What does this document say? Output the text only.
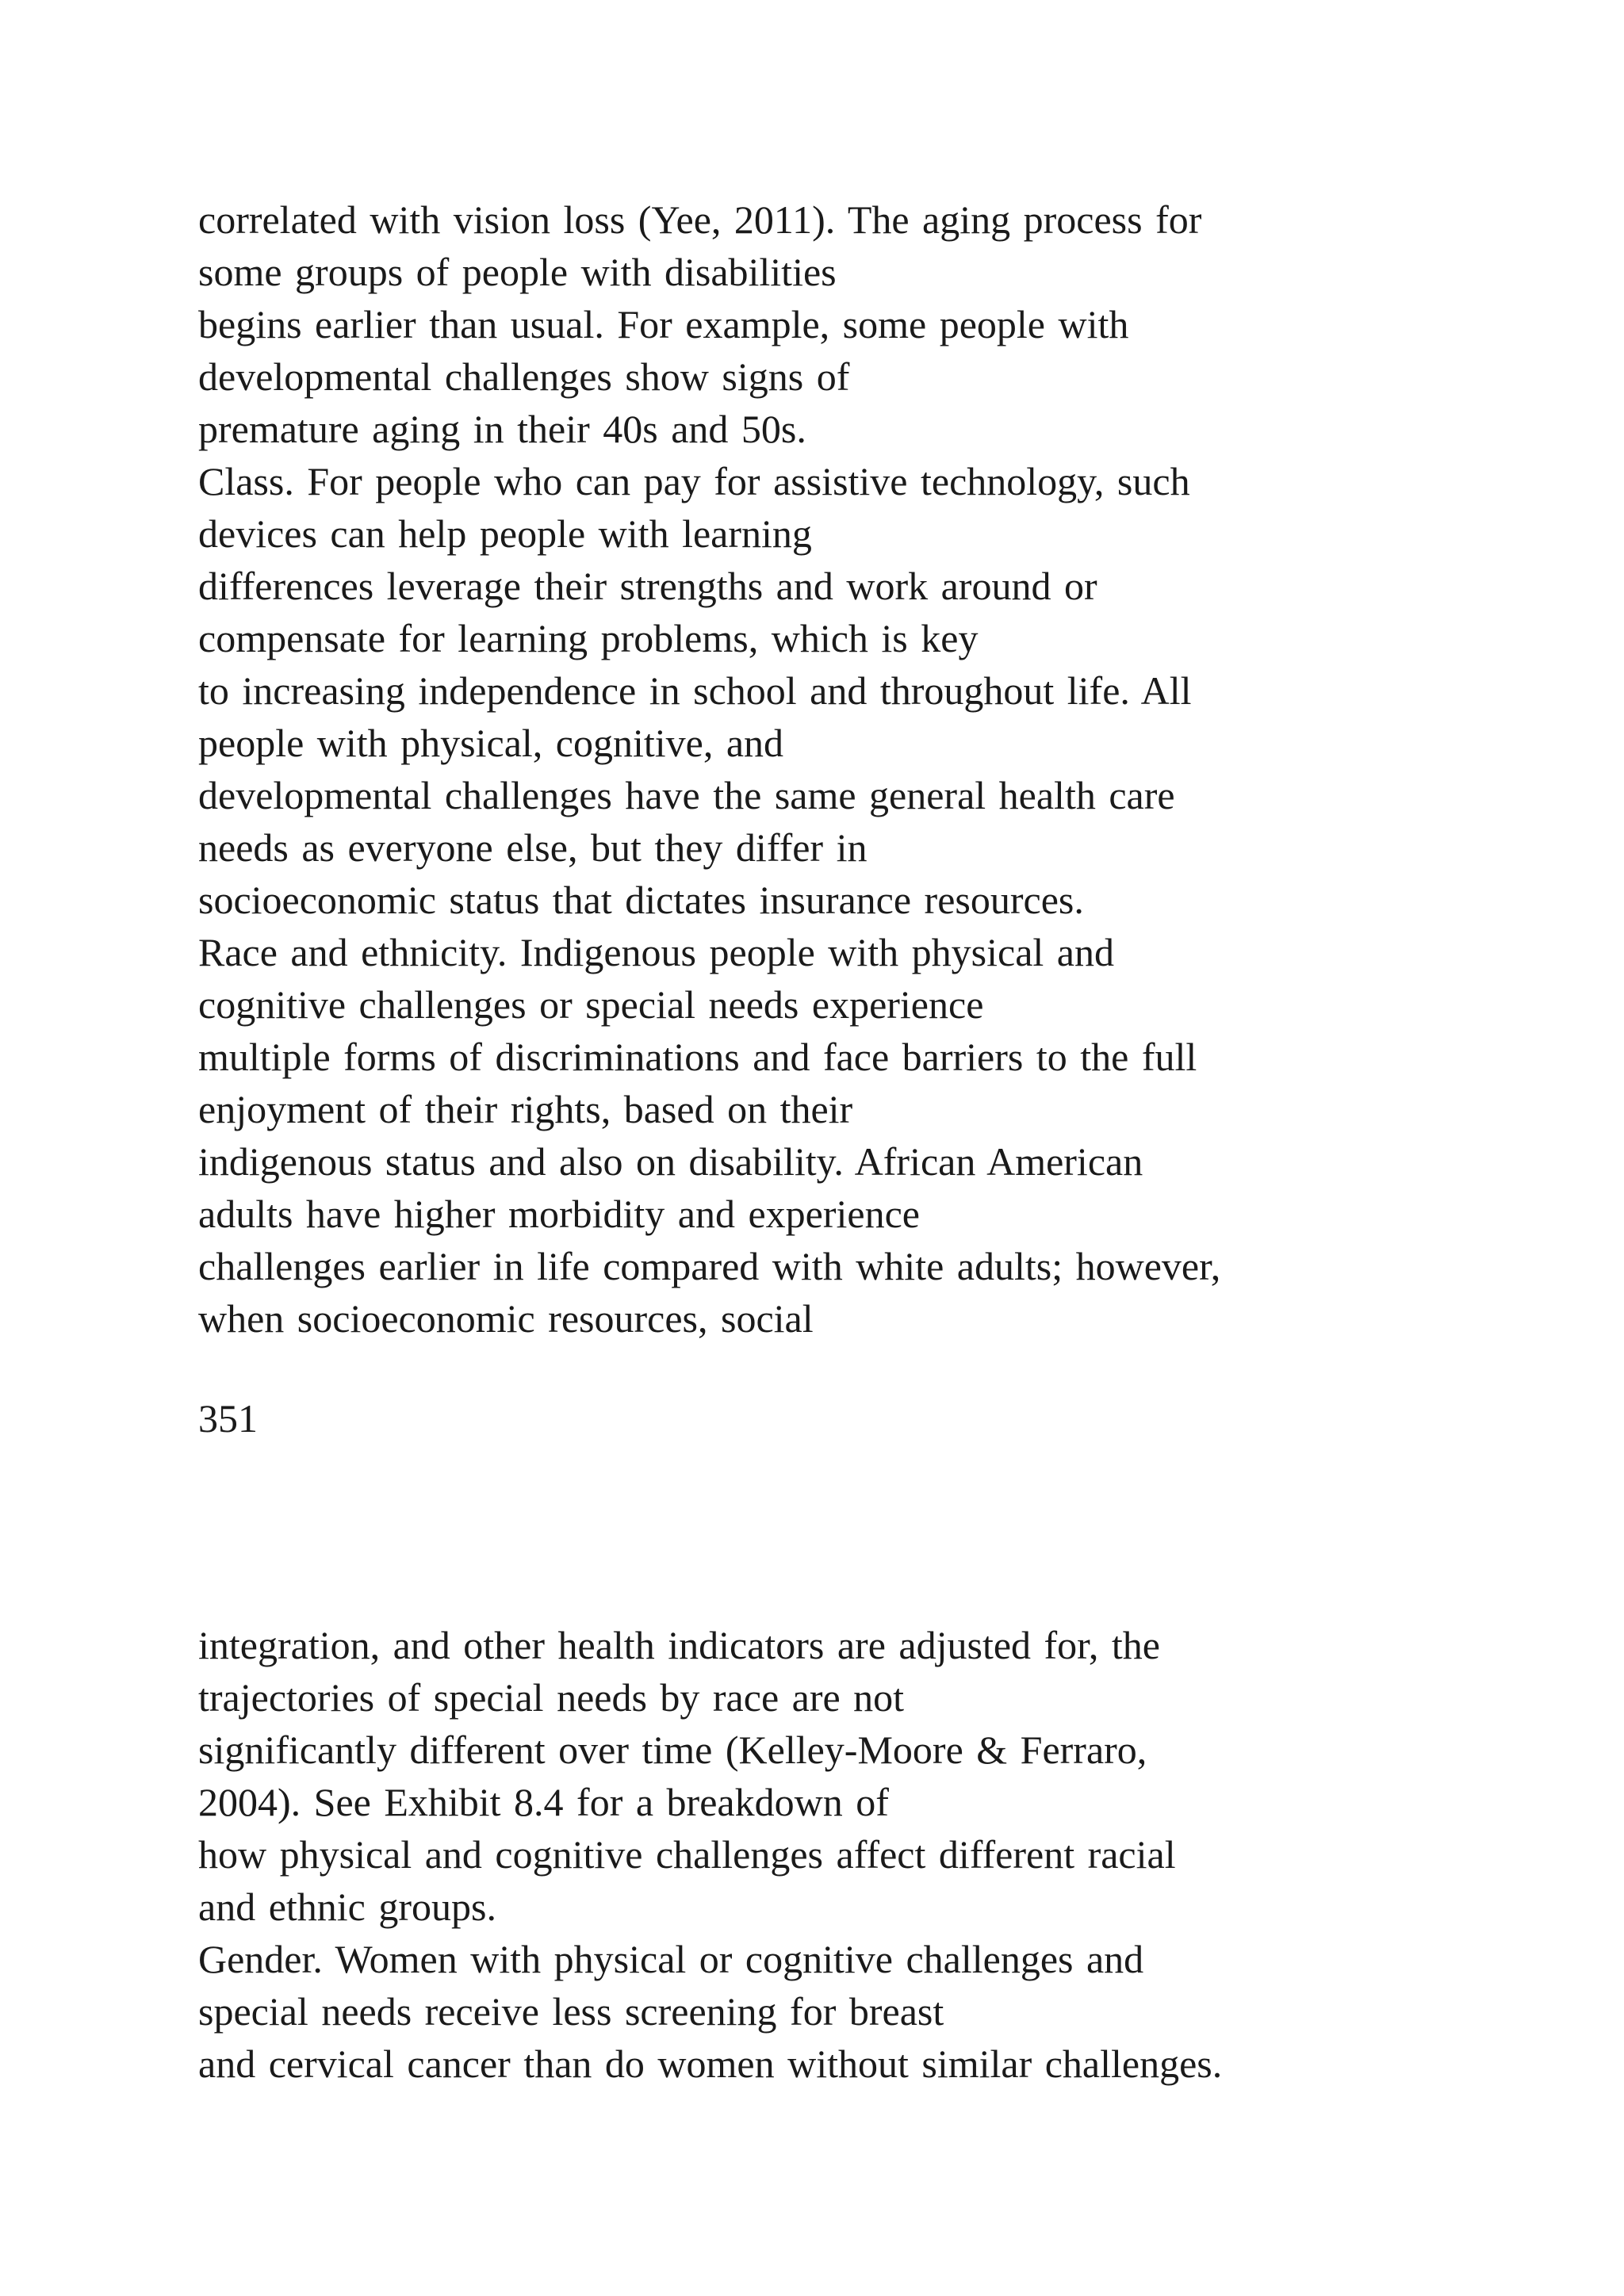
correlated with vision loss (Yee, 2011). The aging process for
some groups of people with disabilities
begins earlier than usual. For example, some people with
developmental challenges show signs of
premature aging in their 40s and 50s.
Class. For people who can pay for assistive technology, such
devices can help people with learning
differences leverage their strengths and work around or
compensate for learning problems, which is key
to increasing independence in school and throughout life. All
people with physical, cognitive, and
developmental challenges have the same general health care
needs as everyone else, but they differ in
socioeconomic status that dictates insurance resources.
Race and ethnicity. Indigenous people with physical and
cognitive challenges or special needs experience
multiple forms of discriminations and face barriers to the full
enjoyment of their rights, based on their
indigenous status and also on disability. African American
adults have higher morbidity and experience
challenges earlier in life compared with white adults; however,
when socioeconomic resources, social
351
integration, and other health indicators are adjusted for, the
trajectories of special needs by race are not
significantly different over time (Kelley-Moore & Ferraro,
2004). See Exhibit 8.4 for a breakdown of
how physical and cognitive challenges affect different racial
and ethnic groups.
Gender. Women with physical or cognitive challenges and
special needs receive less screening for breast
and cervical cancer than do women without similar challenges.
